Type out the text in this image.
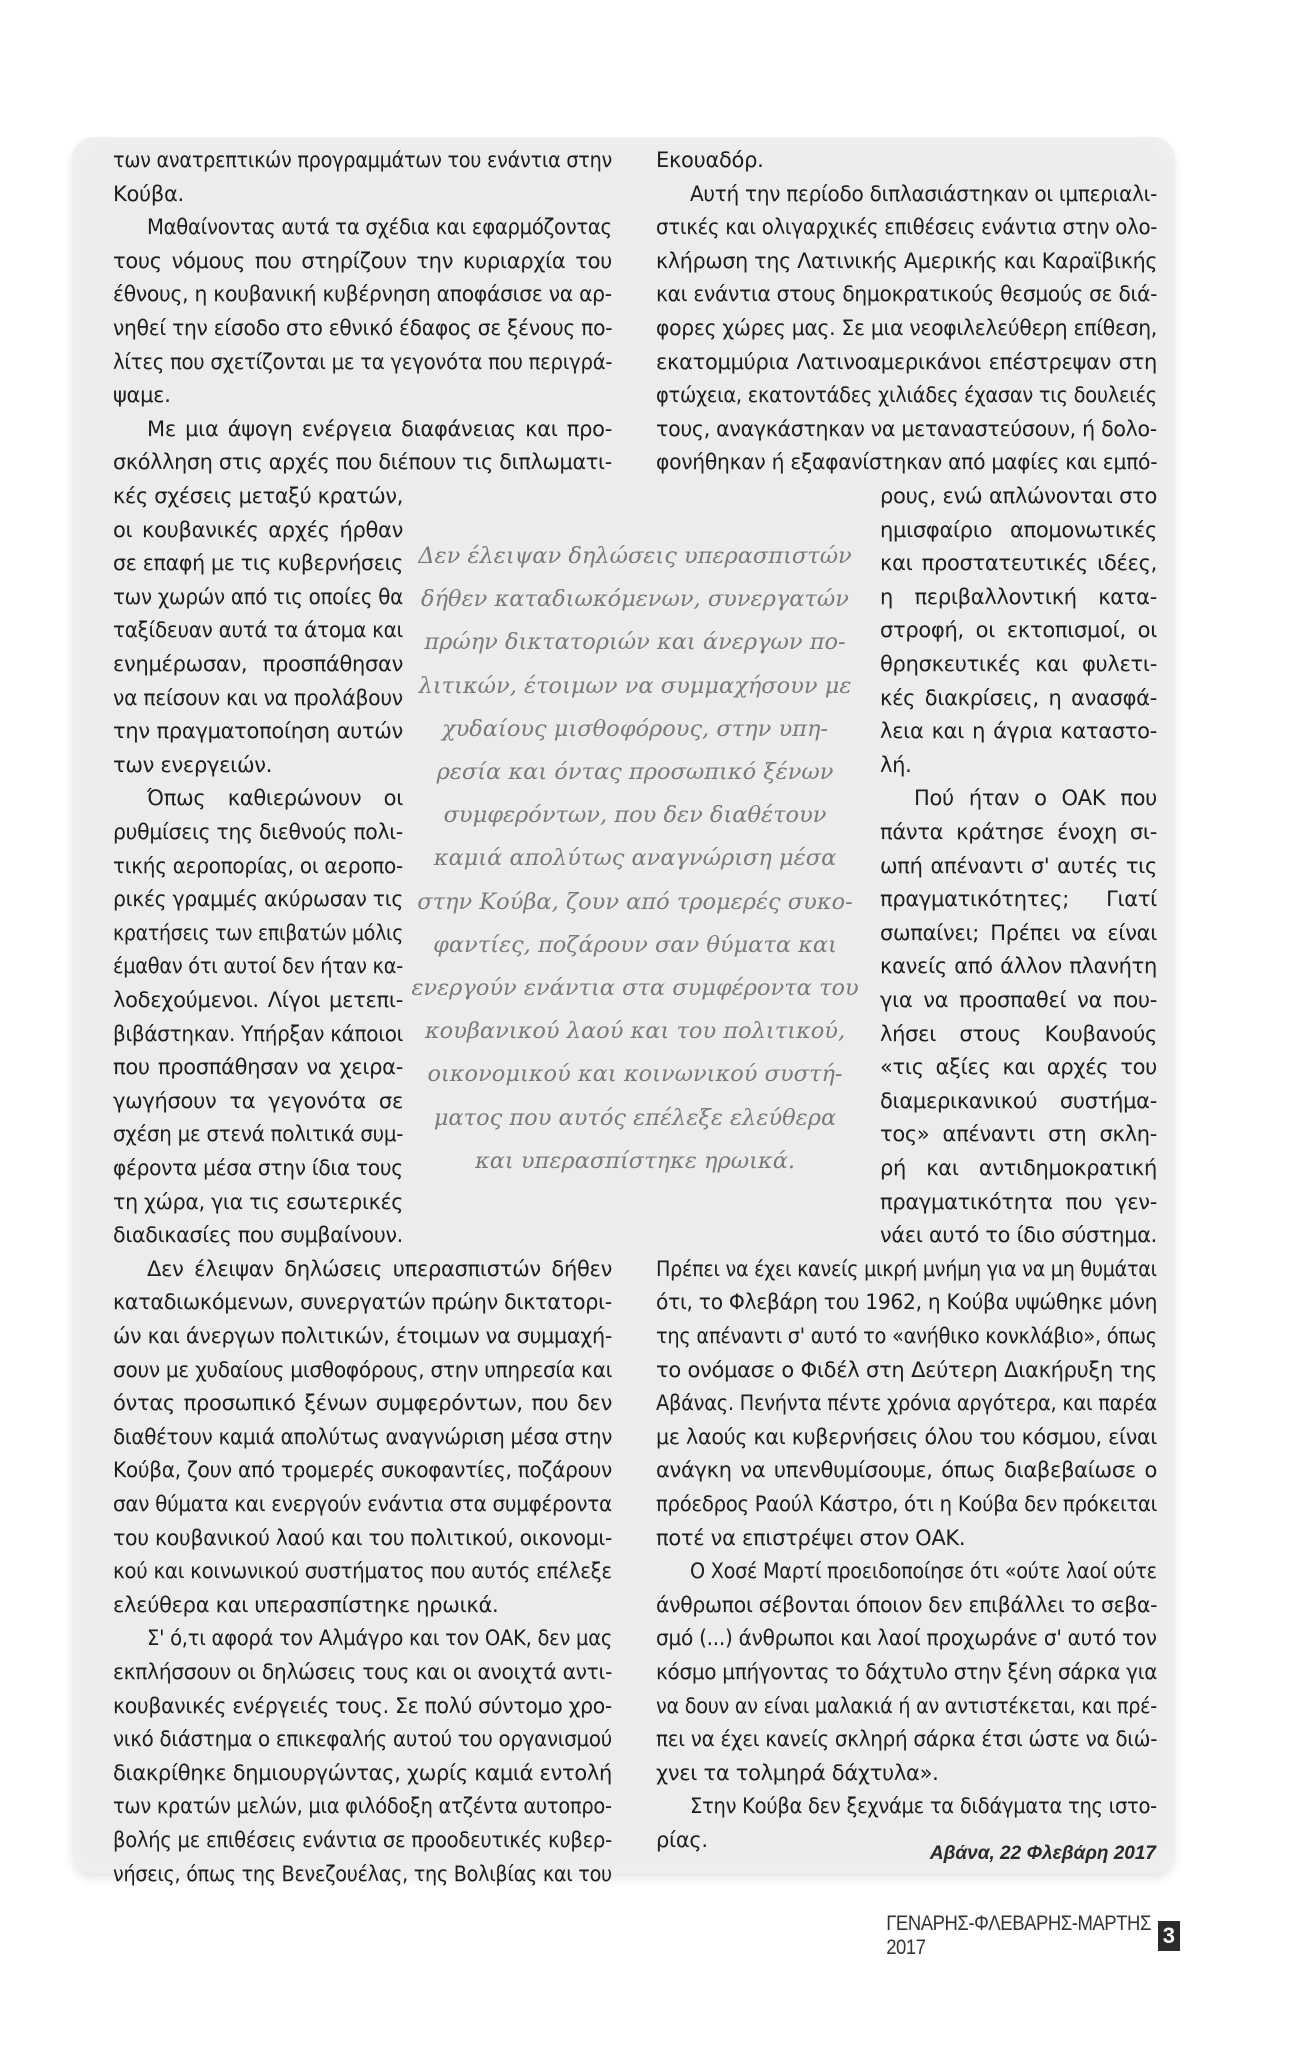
των ανατρεπτικών προγραμμάτων του ενάντια στην
Κούβα.
Μαθαίνοντας αυτά τα σχέδια και εφαρμόζοντας
τους νόμους που στηρίζουν την κυριαρχία του
έθνους, η κουβανική κυβέρνηση αποφάσισε να αρ-
νηθεί την είσοδο στο εθνικό έδαφος σε ξένους πο-
λίτες που σχετίζονται με τα γεγονότα που περιγρά-
ψαμε.
Με μια άψογη ενέργεια διαφάνειας και προ-
σκόλληση στις αρχές που διέπουν τις διπλωματι-
κές σχέσεις μεταξύ κρατών,
οι κουβανικές αρχές ήρθαν
σε επαφή με τις κυβερνήσεις
των χωρών από τις οποίες θα
ταξίδευαν αυτά τα άτομα και
ενημέρωσαν, προσπάθησαν
να πείσουν και να προλάβουν
την πραγματοποίηση αυτών
των ενεργειών.
Όπως καθιερώνουν οι
ρυθμίσεις της διεθνούς πολι-
τικής αεροπορίας, οι αεροπο-
ρικές γραμμές ακύρωσαν τις
κρατήσεις των επιβατών μόλις
έμαθαν ότι αυτοί δεν ήταν κα-
λοδεχούμενοι. Λίγοι μετεπι-
βιβάστηκαν. Υπήρξαν κάποιοι
που προσπάθησαν να χειρα-
γωγήσουν τα γεγονότα σε
σχέση με στενά πολιτικά συμ-
φέροντα μέσα στην ίδια τους
τη χώρα, για τις εσωτερικές
διαδικασίες που συμβαίνουν.
Δεν έλειψαν δηλώσεις υπερασπιστών δήθεν
καταδιωκόμενων, συνεργατών πρώην δικτατορι-
ών και άνεργων πολιτικών, έτοιμων να συμμαχή-
σουν με χυδαίους μισθοφόρους, στην υπηρεσία και
όντας προσωπικό ξένων συμφερόντων, που δεν
διαθέτουν καμιά απολύτως αναγνώριση μέσα στην
Κούβα, ζουν από τρομερές συκοφαντίες, ποζάρουν
σαν θύματα και ενεργούν ενάντια στα συμφέροντα
του κουβανικού λαού και του πολιτικού, οικονομι-
κού και κοινωνικού συστήματος που αυτός επέλεξε
ελεύθερα και υπερασπίστηκε ηρωικά.
Σ' ό,τι αφορά τον Αλμάγρο και τον ΟΑΚ, δεν μας
εκπλήσσουν οι δηλώσεις τους και οι ανοιχτά αντι-
κουβανικές ενέργειές τους. Σε πολύ σύντομο χρο-
νικό διάστημα ο επικεφαλής αυτού του οργανισμού
διακρίθηκε δημιουργώντας, χωρίς καμιά εντολή
των κρατών μελών, μια φιλόδοξη ατζέντα αυτοπρο-
βολής με επιθέσεις ενάντια σε προοδευτικές κυβερ-
νήσεις, όπως της Βενεζουέλας, της Βολιβίας και του
Εκουαδόρ.
Αυτή την περίοδο διπλασιάστηκαν οι ιμπεριαλι-
στικές και ολιγαρχικές επιθέσεις ενάντια στην ολο-
κλήρωση της Λατινικής Αμερικής και Καραϊβικής
και ενάντια στους δημοκρατικούς θεσμούς σε διά-
φορες χώρες μας. Σε μια νεοφιλελεύθερη επίθεση,
εκατομμύρια Λατινοαμερικάνοι επέστρεψαν στη
φτώχεια, εκατοντάδες χιλιάδες έχασαν τις δουλειές
τους, αναγκάστηκαν να μεταναστεύσουν, ή δολο-
φονήθηκαν ή εξαφανίστηκαν από μαφίες και εμπό-
ρους, ενώ απλώνονται στο
ημισφαίριο απομονωτικές
και προστατευτικές ιδέες,
η περιβαλλοντική κατα-
στροφή, οι εκτοπισμοί, οι
θρησκευτικές και φυλετι-
κές διακρίσεις, η ανασφά-
λεια και η άγρια καταστο-
λή.
Πού ήταν ο ΟΑΚ που
πάντα κράτησε ένοχη σι-
ωπή απέναντι σ' αυτές τις
πραγματικότητες; Γιατί
σωπαίνει; Πρέπει να είναι
κανείς από άλλον πλανήτη
για να προσπαθεί να που-
λήσει στους Κουβανούς
«τις αξίες και αρχές του
διαμερικανικού συστήμα-
τος» απέναντι στη σκλη-
ρή και αντιδημοκρατική
πραγματικότητα που γεν-
νάει αυτό το ίδιο σύστημα.
Πρέπει να έχει κανείς μικρή μνήμη για να μη θυμάται
ότι, το Φλεβάρη του 1962, η Κούβα υψώθηκε μόνη
της απέναντι σ' αυτό το «ανήθικο κονκλάβιο», όπως
το ονόμασε ο Φιδέλ στη Δεύτερη Διακήρυξη της
Αβάνας. Πενήντα πέντε χρόνια αργότερα, και παρέα
με λαούς και κυβερνήσεις όλου του κόσμου, είναι
ανάγκη να υπενθυμίσουμε, όπως διαβεβαίωσε ο
πρόεδρος Ραούλ Κάστρο, ότι η Κούβα δεν πρόκειται
ποτέ να επιστρέψει στον ΟΑΚ.
Ο Χοσέ Μαρτί προειδοποίησε ότι «ούτε λαοί ούτε
άνθρωποι σέβονται όποιον δεν επιβάλλει το σεβα-
σμό (...) άνθρωποι και λαοί προχωράνε σ' αυτό τον
κόσμο μπήγοντας το δάχτυλο στην ξένη σάρκα για
να δουν αν είναι μαλακιά ή αν αντιστέκεται, και πρέ-
πει να έχει κανείς σκληρή σάρκα έτσι ώστε να διώ-
χνει τα τολμηρά δάχτυλα».
Στην Κούβα δεν ξεχνάμε τα διδάγματα της ιστο-
ρίας.
Δεν έλειψαν δηλώσεις υπερασπιστών
δήθεν καταδιωκόμενων, συνεργατών
πρώην δικτατοριών και άνεργων πο-
λιτικών, έτοιμων να συμμαχήσουν με
χυδαίους μισθοφόρους, στην υπη-
ρεσία και όντας προσωπικό ξένων
συμφερόντων, που δεν διαθέτουν
καμιά απολύτως αναγνώριση μέσα
στην Κούβα, ζουν από τρομερές συκο-
φαντίες, ποζάρουν σαν θύματα και
ενεργούν ενάντια στα συμφέροντα του
κουβανικού λαού και του πολιτικού,
οικονομικού και κοινωνικού συστή-
ματος που αυτός επέλεξε ελεύθερα
και υπερασπίστηκε ηρωικά.
Αβάνα, 22 Φλεβάρη 2017
ΓΕΝΑΡΗΣ-ΦΛΕΒΑΡΗΣ-ΜΑΡΤΗΣ 2017	3
